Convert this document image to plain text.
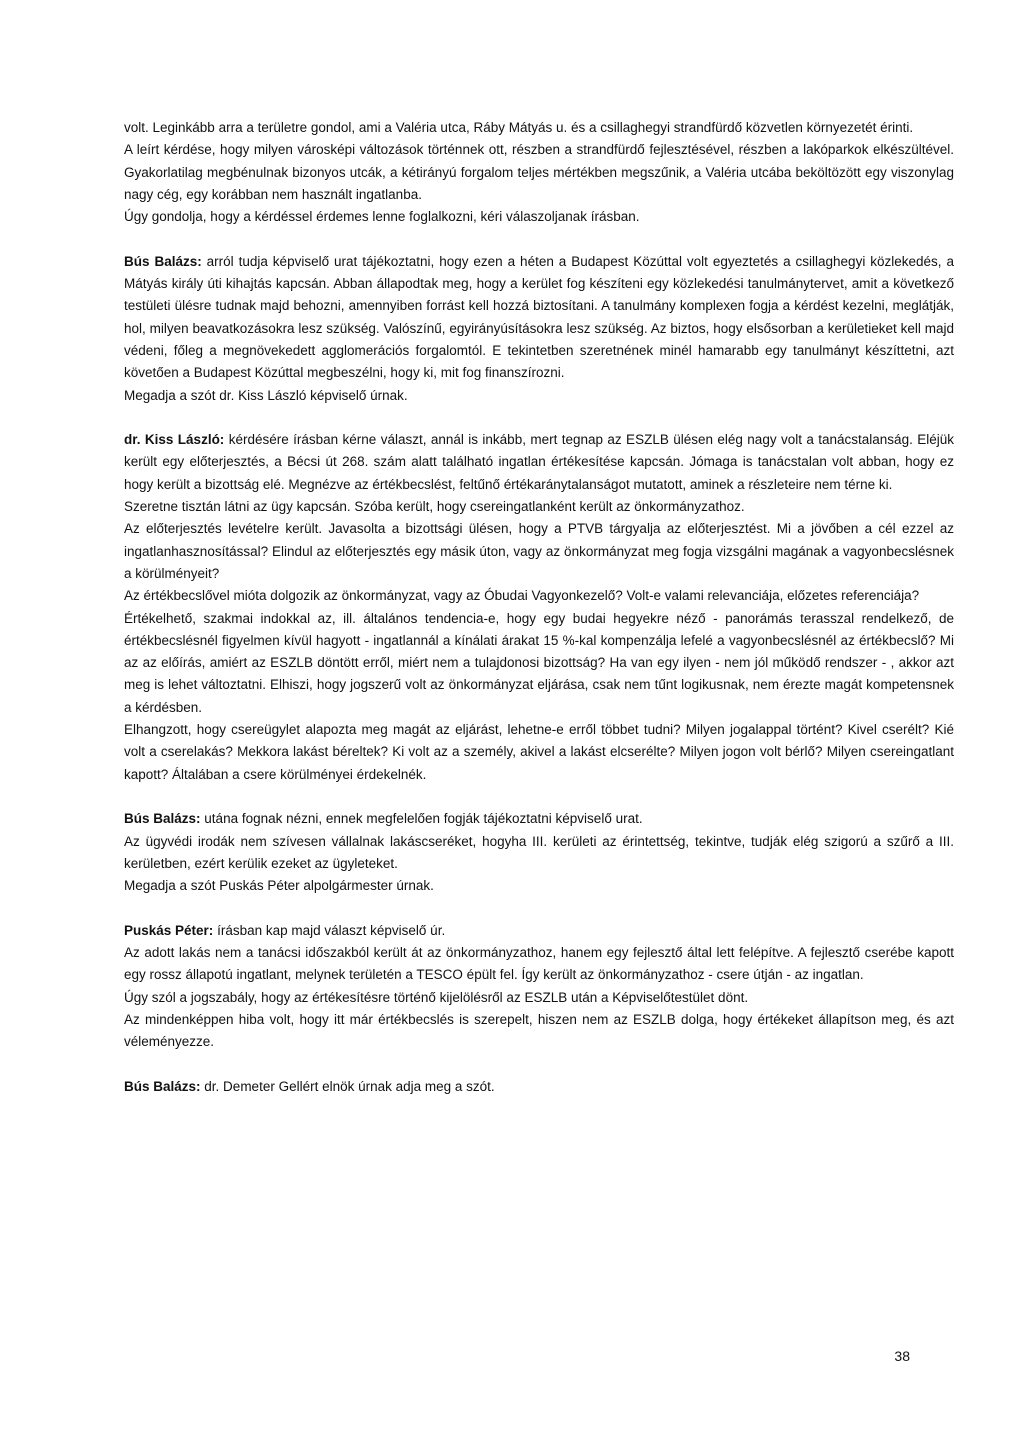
volt. Leginkább arra a területre gondol, ami a Valéria utca, Ráby Mátyás u. és a csillaghegyi strandfürdő közvetlen környezetét érinti.

A leírt kérdése, hogy milyen városképi változások történnek ott, részben a strandfürdő fejlesztésével, részben a lakóparkok elkészültével. Gyakorlatilag megbénulnak bizonyos utcák, a kétirányú forgalom teljes mértékben megszűnik, a Valéria utcába beköltözött egy viszonylag nagy cég, egy korábban nem használt ingatlanba.

Úgy gondolja, hogy a kérdéssel érdemes lenne foglalkozni, kéri válaszoljanak írásban.

Bús Balázs: arról tudja képviselő urat tájékoztatni, hogy ezen a héten a Budapest Közúttal volt egyeztetés a csillaghegyi közlekedés, a Mátyás király úti kihajtás kapcsán. Abban állapodtak meg, hogy a kerület fog készíteni egy közlekedési tanulmánytervet, amit a következő testületi ülésre tudnak majd behozni, amennyiben forrást kell hozzá biztosítani. A tanulmány komplexen fogja a kérdést kezelni, meglátják, hol, milyen beavatkozásokra lesz szükség. Valószínű, egyirányúsításokra lesz szükség. Az biztos, hogy elsősorban a kerületieket kell majd védeni, főleg a megnövekedett agglomerációs forgalomtól. E tekintetben szeretnének minél hamarabb egy tanulmányt készíttetni, azt követően a Budapest Közúttal megbeszélni, hogy ki, mit fog finanszírozni.

Megadja a szót dr. Kiss László képviselő úrnak.

dr. Kiss László: kérdésére írásban kérne választ, annál is inkább, mert tegnap az ESZLB ülésen elég nagy volt a tanácstalanság. Eléjük került egy előterjesztés, a Bécsi út 268. szám alatt található ingatlan értékesítése kapcsán. Jómaga is tanácstalan volt abban, hogy ez hogy került a bizottság elé. Megnézve az értékbecslést, feltűnő értékaránytalanságot mutatott, aminek a részleteire nem térne ki.

Szeretne tisztán látni az ügy kapcsán. Szóba került, hogy csereingatlanként került az önkormányzathoz.

Az előterjesztés levételre került. Javasolta a bizottsági ülésen, hogy a PTVB tárgyalja az előterjesztést. Mi a jövőben a cél ezzel az ingatlanhasznosítással? Elindul az előterjesztés egy másik úton, vagy az önkormányzat meg fogja vizsgálni magának a vagyonbecslésnek a körülményeit?

Az értékbecslővel mióta dolgozik az önkormányzat, vagy az Óbudai Vagyonkezelő? Volt-e valami relevanciája, előzetes referenciája?

Értékelhető, szakmai indokkal az, ill. általános tendencia-e, hogy egy budai hegyekre néző - panorámás terasszal rendelkező, de értékbecslésnél figyelmen kívül hagyott - ingatlannál a kínálati árakat 15 %-kal kompenzálja lefelé a vagyonbecslésnél az értékbecslő? Mi az az előírás, amiért az ESZLB döntött erről, miért nem a tulajdonosi bizottság? Ha van egy ilyen - nem jól működő rendszer - , akkor azt meg is lehet változtatni. Elhiszi, hogy jogszerű volt az önkormányzat eljárása, csak nem tűnt logikusnak, nem érezte magát kompetensnek a kérdésben.

Elhangzott, hogy csereügylet alapozta meg magát az eljárást, lehetne-e erről többet tudni? Milyen jogalappal történt? Kivel cserélt? Kié volt a cserelakás? Mekkora lakást béreltek? Ki volt az a személy, akivel a lakást elcserélte? Milyen jogon volt bérlő? Milyen csereingatlant kapott? Általában a csere körülményei érdekelnék.

Bús Balázs: utána fognak nézni, ennek megfelelően fogják tájékoztatni képviselő urat.

Az ügyvédi irodák nem szívesen vállalnak lakáscseréket, hogyha III. kerületi az érintettség, tekintve, tudják elég szigorú a szűrő a III. kerületben, ezért kerülik ezeket az ügyleteket.

Megadja a szót Puskás Péter alpolgármester úrnak.

Puskás Péter: írásban kap majd választ képviselő úr.

Az adott lakás nem a tanácsi időszakból került át az önkormányzathoz, hanem egy fejlesztő által lett felépítve. A fejlesztő cserébe kapott egy rossz állapotú ingatlant, melynek területén a TESCO épült fel. Így került az önkormányzathoz - csere útján - az ingatlan.

Úgy szól a jogszabály, hogy az értékesítésre történő kijelölésről az ESZLB után a Képviselőtestület dönt.

Az mindenképpen hiba volt, hogy itt már értékbecslés is szerepelt, hiszen nem az ESZLB dolga, hogy értékeket állapítson meg, és azt véleményezze.

Bús Balázs: dr. Demeter Gellért elnök úrnak adja meg a szót.

38
